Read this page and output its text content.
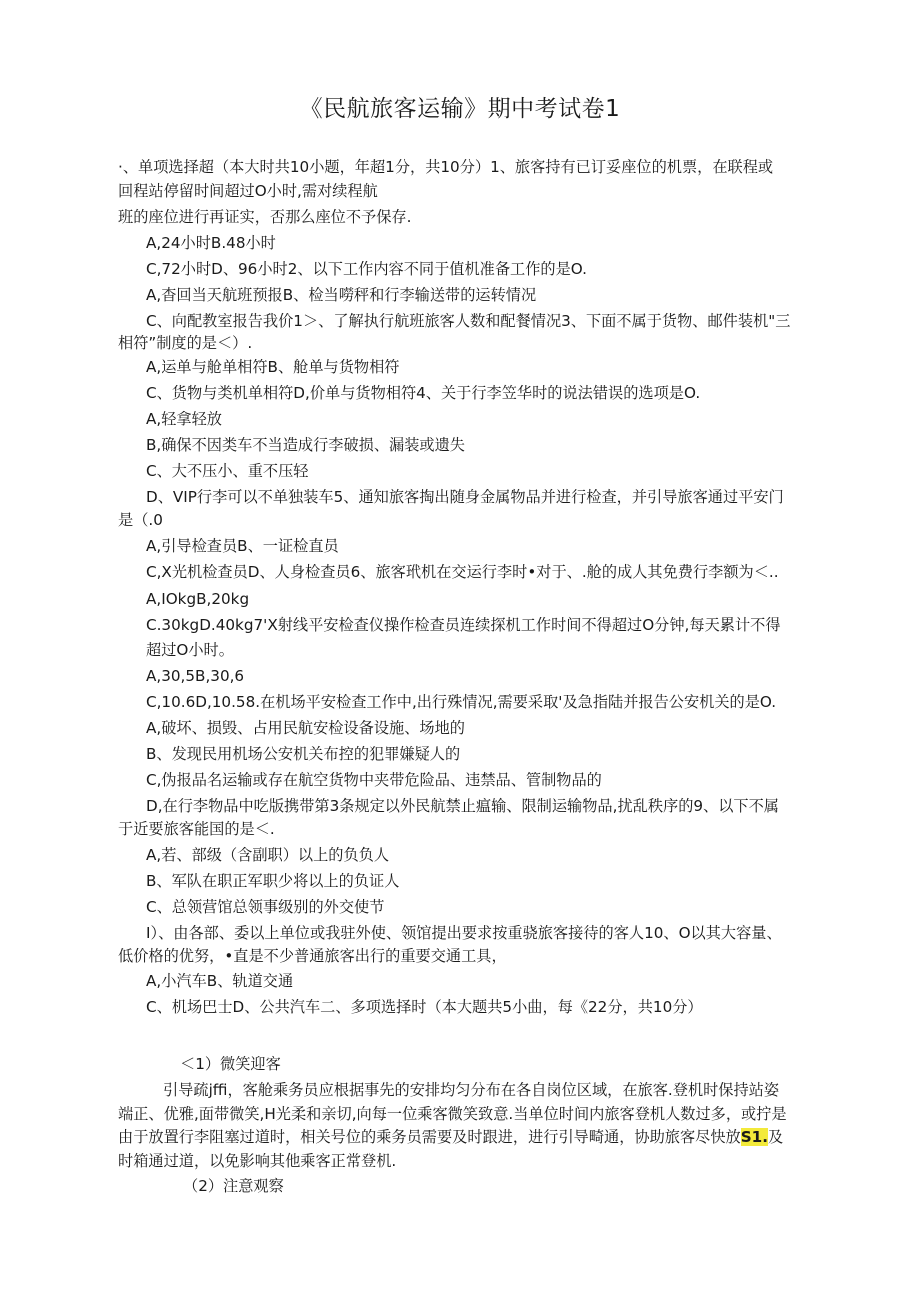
《民航旅客运输》期中考试卷1
·、单项选择超（本大时共10小题，年超1分，共10分）1、旅客持有已订妥座位的机票，在联程或
回程站停留时间超过O小时,需对续程航
班的座位进行再证实，否那么座位不予保存.
A,24小时B.48小时
C,72小时D、96小时2、以下工作内容不同于值机准备工作的是O.
A,杳回当天航班预报B、检当嘮秤和行李输送带的运转情况
C、向配教室报告我价1＞、了解执行航班旅客人数和配餐情况3、下面不属于货物、邮件装机"三
相符”制度的是＜）.
A,运单与舱单相符B、舱单与货物相符
C、货物与类机单相符D,价单与货物相符4、关于行李笠华时的说法错误的选项是O.
A,轻拿轻放
B,确保不因类车不当造成行李破损、漏装或遗失
C、大不压小、重不压轻
D、VIP行李可以不单独装车5、通知旅客掏出随身金属物品并进行检查，并引导旅客通过平安门
是（.0
A,引导检查员B、一证检直员
C,X光机检查员D、人身检查员6、旅客玳机在交运行李时•对于、.舱的成人其免费行李额为＜..
A,IOkgB,20kg
C.30kgD.40kg7'X射线平安检查仪操作检查员连续探机工作时间不得超过O分钟,每天累计不得
超过O小时。
A,30,5B,30,6
C,10.6D,10.58.在机场平安检查工作中,出行殊情况,需要采取'及急指陆并报告公安机关的是O.
A,破坏、损毁、占用民航安检设备设施、场地的
B、发现民用机场公安机关布控的犯罪嫌疑人的
C,伪报品名运输或存在航空货物中夹带危险品、违禁品、管制物品的
D,在行李物品中吃版携带第3条规定以外民航禁止瘟输、限制运输物品,扰乱秩序的9、以下不属
于近要旅客能国的是＜.
A,若、部级（含副职）以上的负负人
B、军队在职正军职少将以上的负证人
C、总领营馆总领事级别的外交使节
I）、由各部、委以上单位或我驻外使、领馆提出要求按重骁旅客接待的客人10、O以其大容量、
低价格的优努，•直是不少普通旅客出行的重要交通工具，
A,小汽车B、轨道交通
C、机场巴士D、公共汽车二、多项选择时（本大题共5小曲，每《22分，共10分）
＜1）微笑迎客
引导疏jffi，客舱乘务员应根据事先的安排均匀分布在各自岗位区域，在旅客.登机时保持站姿
端正、优雅,面带微笑,H光柔和亲切,向每一位乘客微笑致意.当单位时间内旅客登机人数过多，或拧是
由于放置行李阻塞过道时，相关号位的乘务员需要及时跟进，进行引导畸通，协助旅客尽快放S1.及
时箱通过道，以免影响其他乘客正常登机.
（2）注意观察
